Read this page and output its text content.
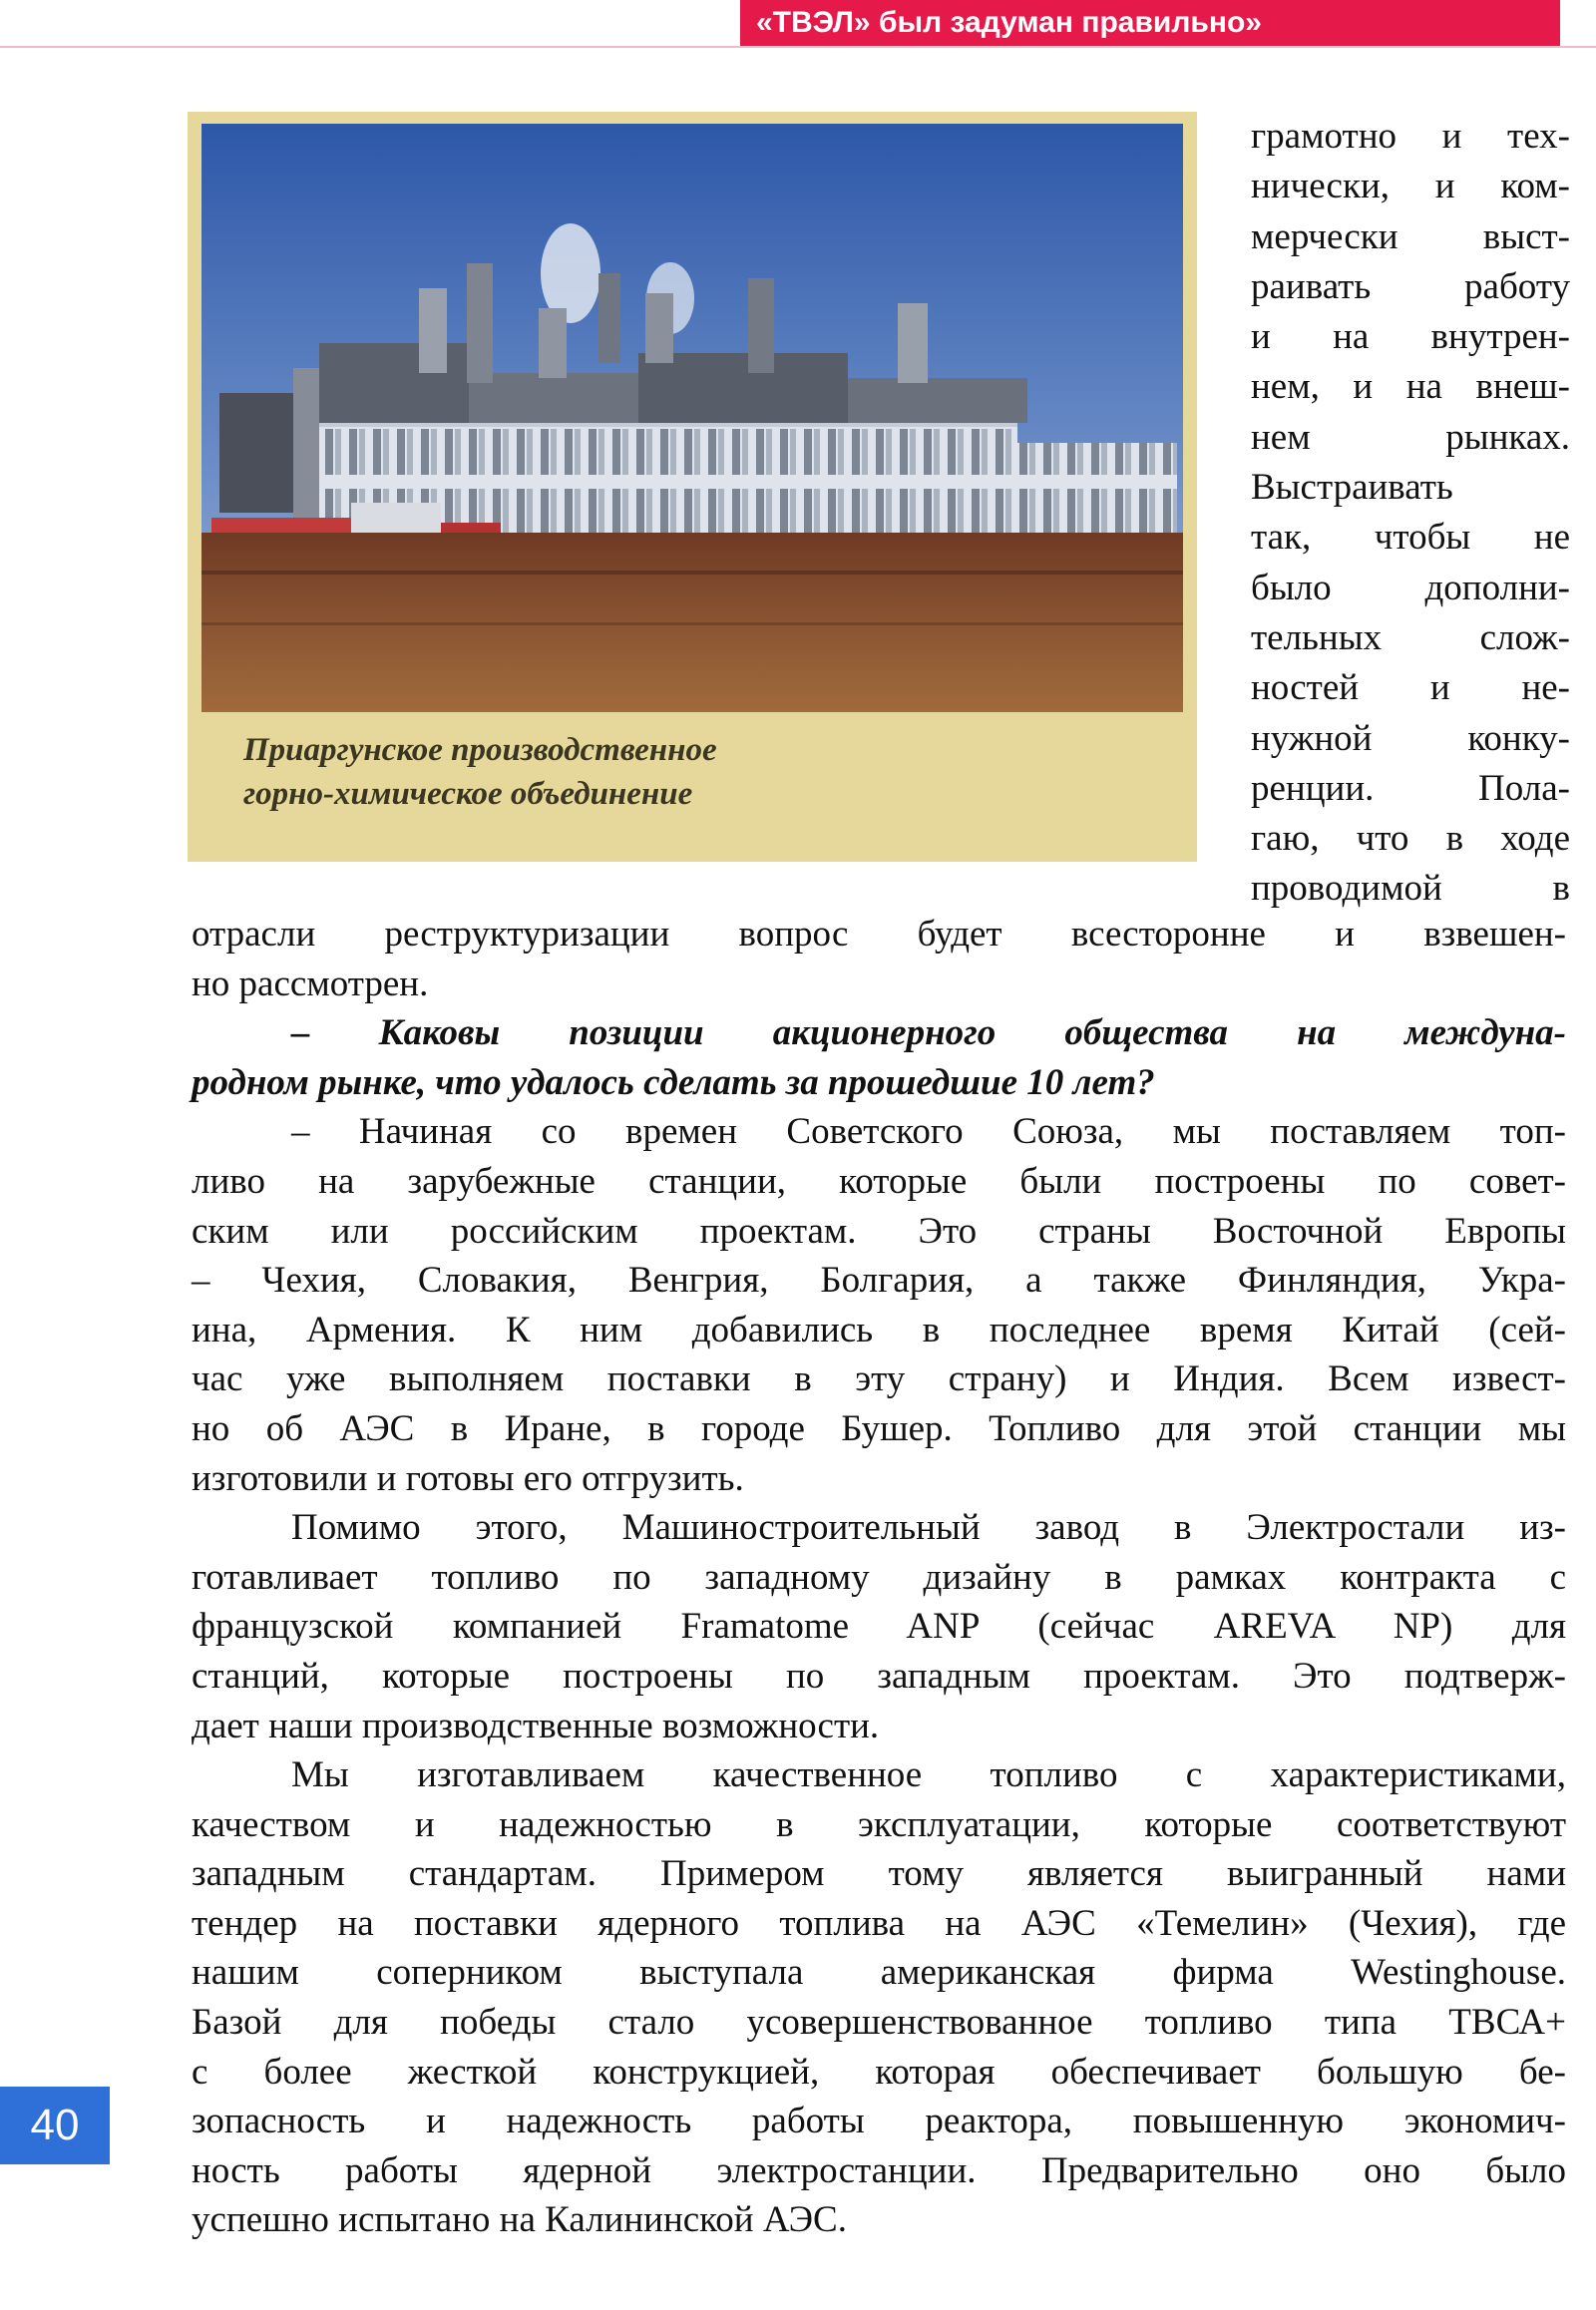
«ТВЭЛ» был задуман правильно»
Приаргунское производственное
горно-химическое объединение
грамотно и тех-
нически, и ком-
мерчески выст-
раивать работу
и на внутрен-
нем, и на внеш-
нем рынках.
Выстраивать
так, чтобы не
было дополни-
тельных слож-
ностей и не-
нужной конку-
ренции. Пола-
гаю, что в ходе
проводимой в
отрасли реструктуризации вопрос будет всесторонне и взвешен-
но рассмотрен.
– Каковы позиции акционерного общества на междуна-
родном рынке, что удалось сделать за прошедшие 10 лет?
– Начиная со времен Советского Союза, мы поставляем топ-
ливо на зарубежные станции, которые были построены по совет-
ским или российским проектам. Это страны Восточной Европы
– Чехия, Словакия, Венгрия, Болгария, а также Финляндия, Укра-
ина, Армения. К ним добавились в последнее время Китай (сей-
час уже выполняем поставки в эту страну) и Индия. Всем извест-
но об АЭС в Иране, в городе Бушер. Топливо для этой станции мы
изготовили и готовы его отгрузить.
Помимо этого, Машиностроительный завод в Электростали из-
готавливает топливо по западному дизайну в рамках контракта с
французской компанией Framatome ANP (сейчас AREVA NP) для
станций, которые построены по западным проектам. Это подтверж-
дает наши производственные возможности.
Мы изготавливаем качественное топливо с характеристиками,
качеством и надежностью в эксплуатации, которые соответствуют
западным стандартам. Примером тому является выигранный нами
тендер на поставки ядерного топлива на АЭС «Темелин» (Чехия), где
нашим соперником выступала американская фирма Westinghouse.
Базой для победы стало усовершенствованное топливо типа ТВСА+
с более жесткой конструкцией, которая обеспечивает большую бе-
зопасность и надежность работы реактора, повышенную экономич-
ность работы ядерной электростанции. Предварительно оно было
успешно испытано на Калининской АЭС.
40
